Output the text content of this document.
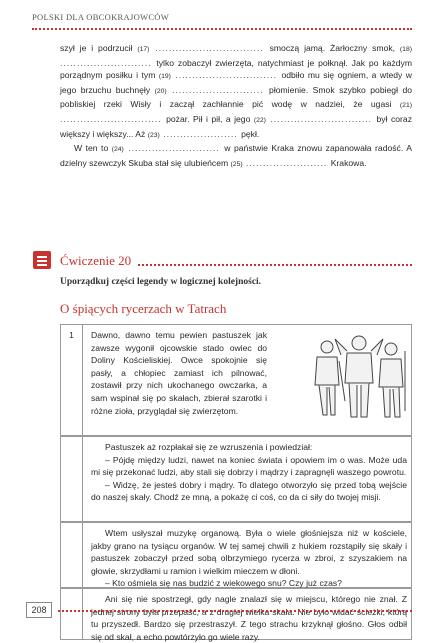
POLSKI DLA OBCOKRAJOWCÓW

szył je i podrzucił (17) ................................ smoczą jamą. Żarłoczny smok, (18) ........................... tylko zobaczył zwierzęta, natychmiast je połknął. Jak po każdym porządnym posiłku i tym (19) .............................. odbiło mu się ogniem, a wtedy w jego brzuchu buchnęły (20) ........................... płomienie. Smok szybko pobiegł do pobliskiej rzeki Wisły i zaczął zachłannie pić wodę w nadziei, że ugasi (21) .............................. pożar. Pił i pił, a jego (22) .............................. był coraz większy i większy... Aż (23) ...................... pękł.

W ten to (24) ........................... w państwie Kraka znowu zapanowała radość. A dzielny szewczyk Skuba stał się ulubieńcem (25) ........................ Krakowa.

Ćwiczenie 20
Uporządkuj części legendy w logicznej kolejności.
O śpiących rycerzach w Tatrach
1	Dawno, dawno temu pewien pastuszek jak zawsze wygonił ojcowskie stado owiec do Doliny Kościeliskiej. Owce spokojnie się pasły, a chłopiec zamiast ich pilnować, zostawił przy nich ukochanego owczarka, a sam wspinał się po skałach, zbierał szarotki i różne zioła, przyglądał się zwierzętom.

Pastuszek aż rozpłakał się ze wzruszenia i powiedział:

– Pójdę między ludzi, nawet na koniec świata i opowiem im o was. Może uda mi się przekonać ludzi, aby stali się dobrzy i mądrzy i zapragnęli waszego powrotu.

– Widzę, że jesteś dobry i mądry. To dlatego otworzyło się przed tobą wejście do naszej skały. Chodź ze mną, a pokażę ci coś, co da ci siły do twojej misji.

Wtem usłyszał muzykę organową. Była o wiele głośniejsza niż w kościele, jakby grano na tysiącu organów. W tej samej chwili z hukiem rozstąpiły się skały i pastuszek zobaczył przed sobą olbrzymiego rycerza w zbroi, z szyszakiem na głowie, skrzydłami u ramion i wielkim mieczem w dłoni.

– Kto ośmiela się nas budzić z wiekowego snu? Czy już czas?

Ani się nie spostrzegł, gdy nagle znalazł się w miejscu, którego nie znał. Z jednej strony była przepaść, a z drugiej wielka skała. Nie było widać ścieżki, którą tu przyszedł. Bardzo się przestraszył. Z tego strachu krzyknął głośno. Głos odbił się od skał, a echo powtórzyło go wiele razy.

208
